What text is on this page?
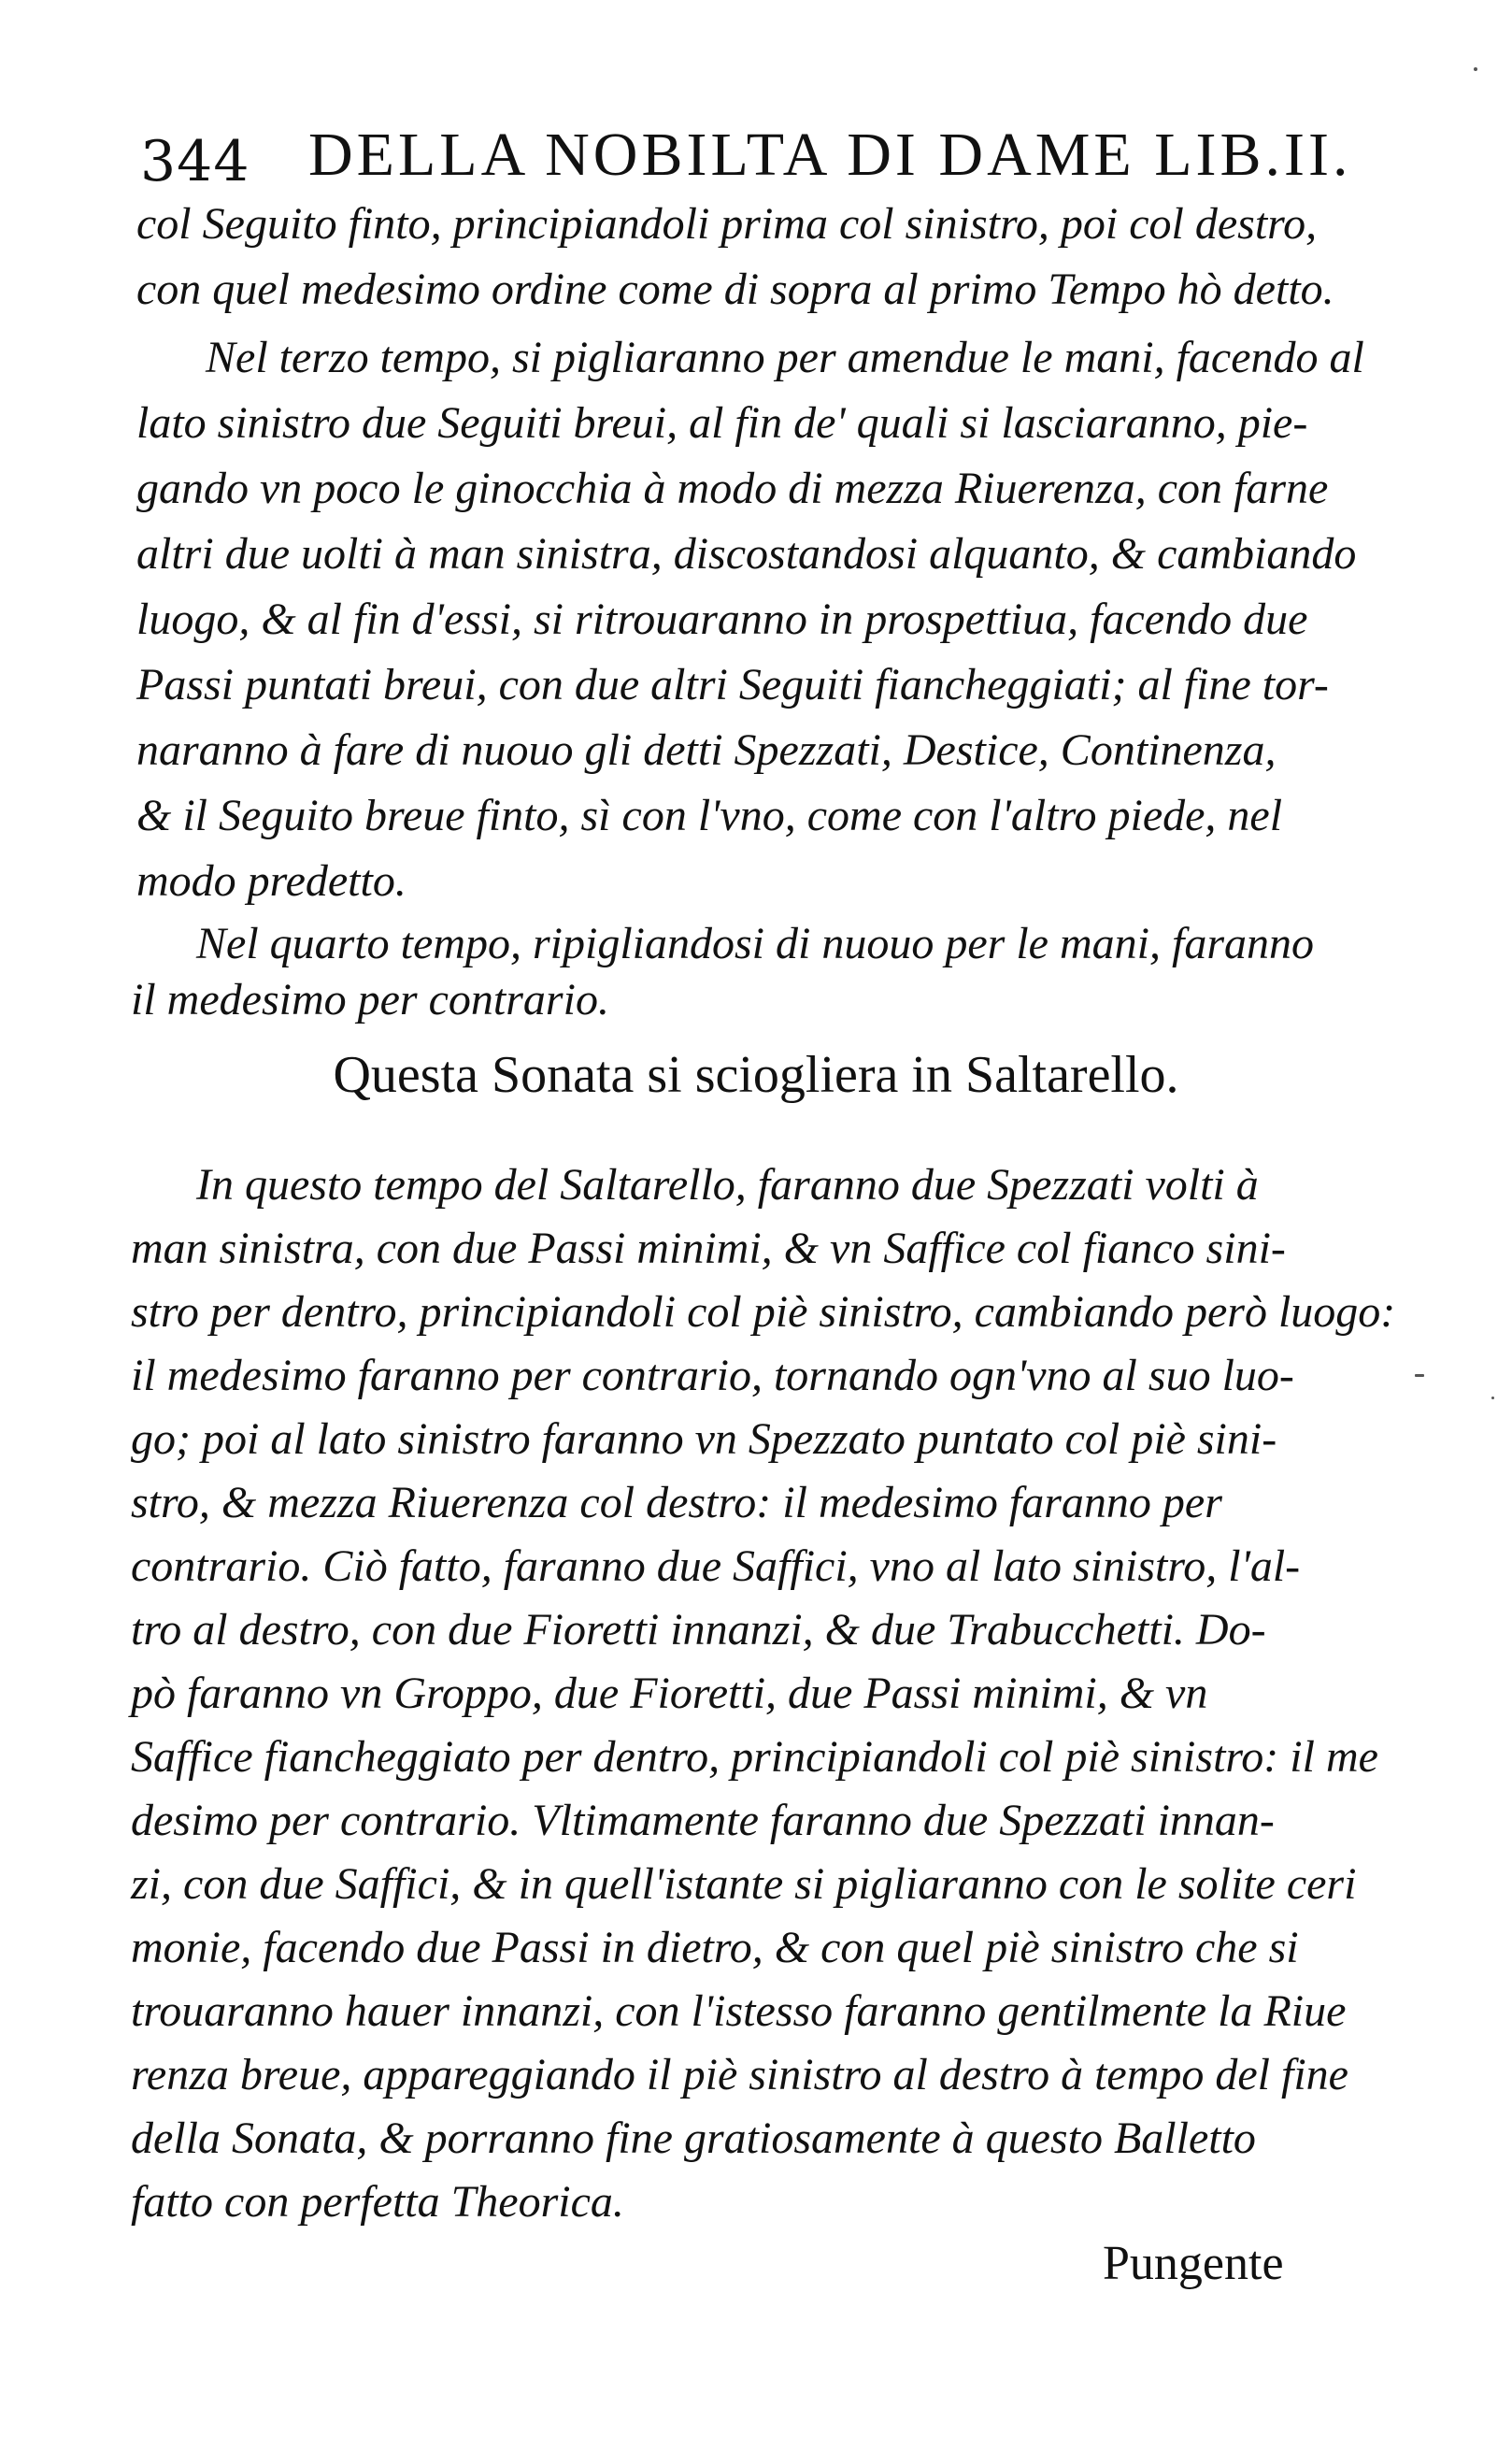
344 DELLA NOBILTA DI DAME LIB.II.
col Seguito finto, principiandoli prima col sinistro, poi col destro,
con quel medesimo ordine come di sopra al primo Tempo hò detto.
Nel terzo tempo, si pigliaranno per amendue le mani, facendo al
lato sinistro due Seguiti breui, al fin de' quali si lasciaranno, pie-
gando vn poco le ginocchia à modo di mezza Riuerenza, con farne
altri due uolti à man sinistra, discostandosi alquanto, & cambiando
luogo, & al fin d'essi, si ritrouaranno in prospettiua, facendo due
Passi puntati breui, con due altri Seguiti fiancheggiati; al fine tor-
naranno à fare di nuouo gli detti Spezzati, Destice, Continenza,
& il Seguito breue finto, sì con l'vno, come con l'altro piede, nel
modo predetto.
Nel quarto tempo, ripigliandosi di nuouo per le mani, faranno
il medesimo per contrario.
In questo tempo del Saltarello, faranno due Spezzati volti à
man sinistra, con due Passi minimi, & vn Saffice col fianco sini-
stro per dentro, principiandoli col piè sinistro, cambiando però luogo:
il medesimo faranno per contrario, tornando ogn'vno al suo luo-
go; poi al lato sinistro faranno vn Spezzato puntato col piè sini-
stro, & mezza Riuerenza col destro: il medesimo faranno per
contrario. Ciò fatto, faranno due Saffici, vno al lato sinistro, l'al-
tro al destro, con due Fioretti innanzi, & due Trabucchetti. Do-
pò faranno vn Groppo, due Fioretti, due Passi minimi, & vn
Saffice fiancheggiato per dentro, principiandoli col piè sinistro: il me
desimo per contrario. Vltimamente faranno due Spezzati innan-
zi, con due Saffici, & in quell'istante si pigliaranno con le solite ceri
monie, facendo due Passi in dietro, & con quel piè sinistro che si
trouaranno hauer innanzi, con l'istesso faranno gentilmente la Riue
renza breue, appareggiando il piè sinistro al destro à tempo del fine
della Sonata, & porranno fine gratiosamente à questo Balletto
fatto con perfetta Theorica.
Questa Sonata si sciogliera in Saltarello.
Pungente
